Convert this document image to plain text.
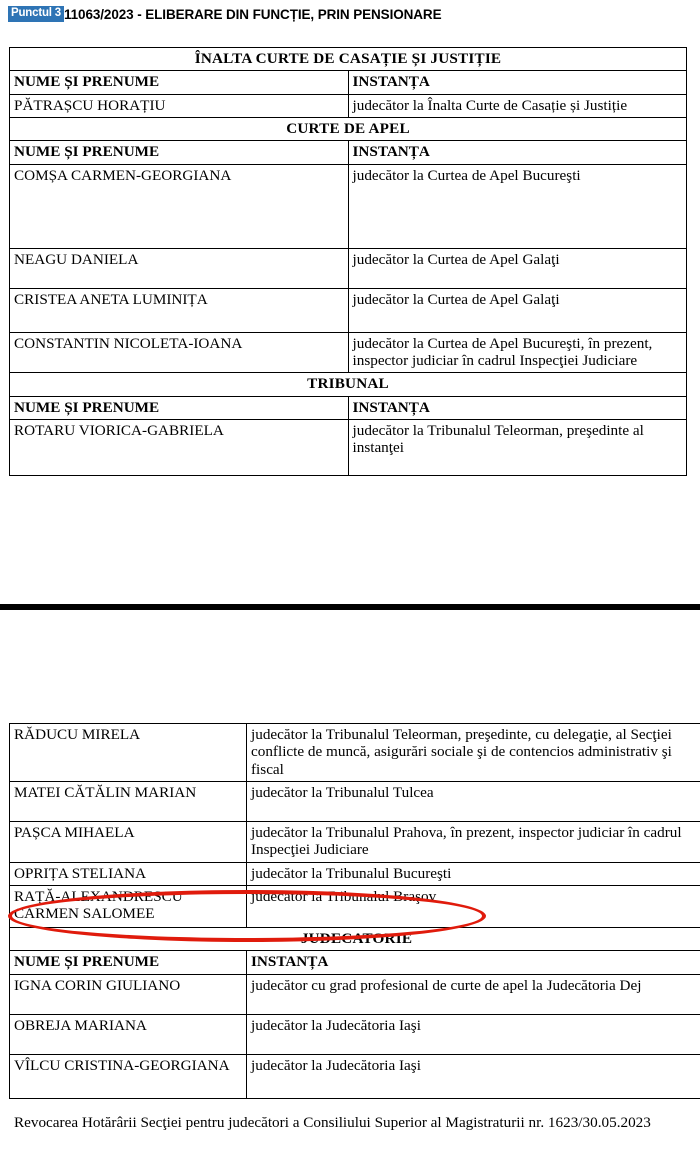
Punctul 3 11063/2023 - ELIBERARE DIN FUNCȚIE, PRIN PENSIONARE
ÎNALTA CURTE DE CASAȚIE ȘI JUSTIȚIE	
NUME ȘI PRENUME	INSTANȚA
PĂTRAȘCU HORAȚIU	judecător la Înalta Curte de Casație și Justiție
CURTE DE APEL	
NUME ȘI PRENUME	INSTANȚA
COMȘA CARMEN-GEORGIANA	judecător la Curtea de Apel Bucureşti
NEAGU DANIELA	judecător la Curtea de Apel Galaţi
CRISTEA ANETA LUMINIȚA	judecător la Curtea de Apel Galaţi
CONSTANTIN NICOLETA-IOANA	judecător la Curtea de Apel Bucureşti, în prezent, inspector judiciar în cadrul Inspecţiei Judiciare
TRIBUNAL	
NUME ȘI PRENUME	INSTANȚA
ROTARU VIORICA-GABRIELA	judecător la Tribunalul Teleorman, preşedinte al instanţei
RĂDUCU MIRELA	judecător la Tribunalul Teleorman, preşedinte, cu delegaţie, al Secţiei conflicte de muncă, asigurări sociale şi de contencios administrativ şi fiscal
MATEI CĂTĂLIN MARIAN	judecător la Tribunalul Tulcea
PAȘCA MIHAELA	judecător la Tribunalul Prahova, în prezent, inspector judiciar în cadrul Inspecţiei Judiciare
OPRIȚA STELIANA	judecător la Tribunalul Bucureşti
RAȚĂ-ALEXANDRESCU CARMEN SALOMEE	judecător la Tribunalul Braşov
JUDECATORIE	
NUME ȘI PRENUME	INSTANȚA
IGNA CORIN GIULIANO	judecător cu grad profesional de curte de apel la Judecătoria Dej
OBREJA MARIANA	judecător la Judecătoria Iaşi
VÎLCU CRISTINA-GEORGIANA	judecător la Judecătoria Iaşi
Revocarea Hotărârii Secţiei pentru judecători a Consiliului Superior al Magistraturii nr. 1623/30.05.2023
